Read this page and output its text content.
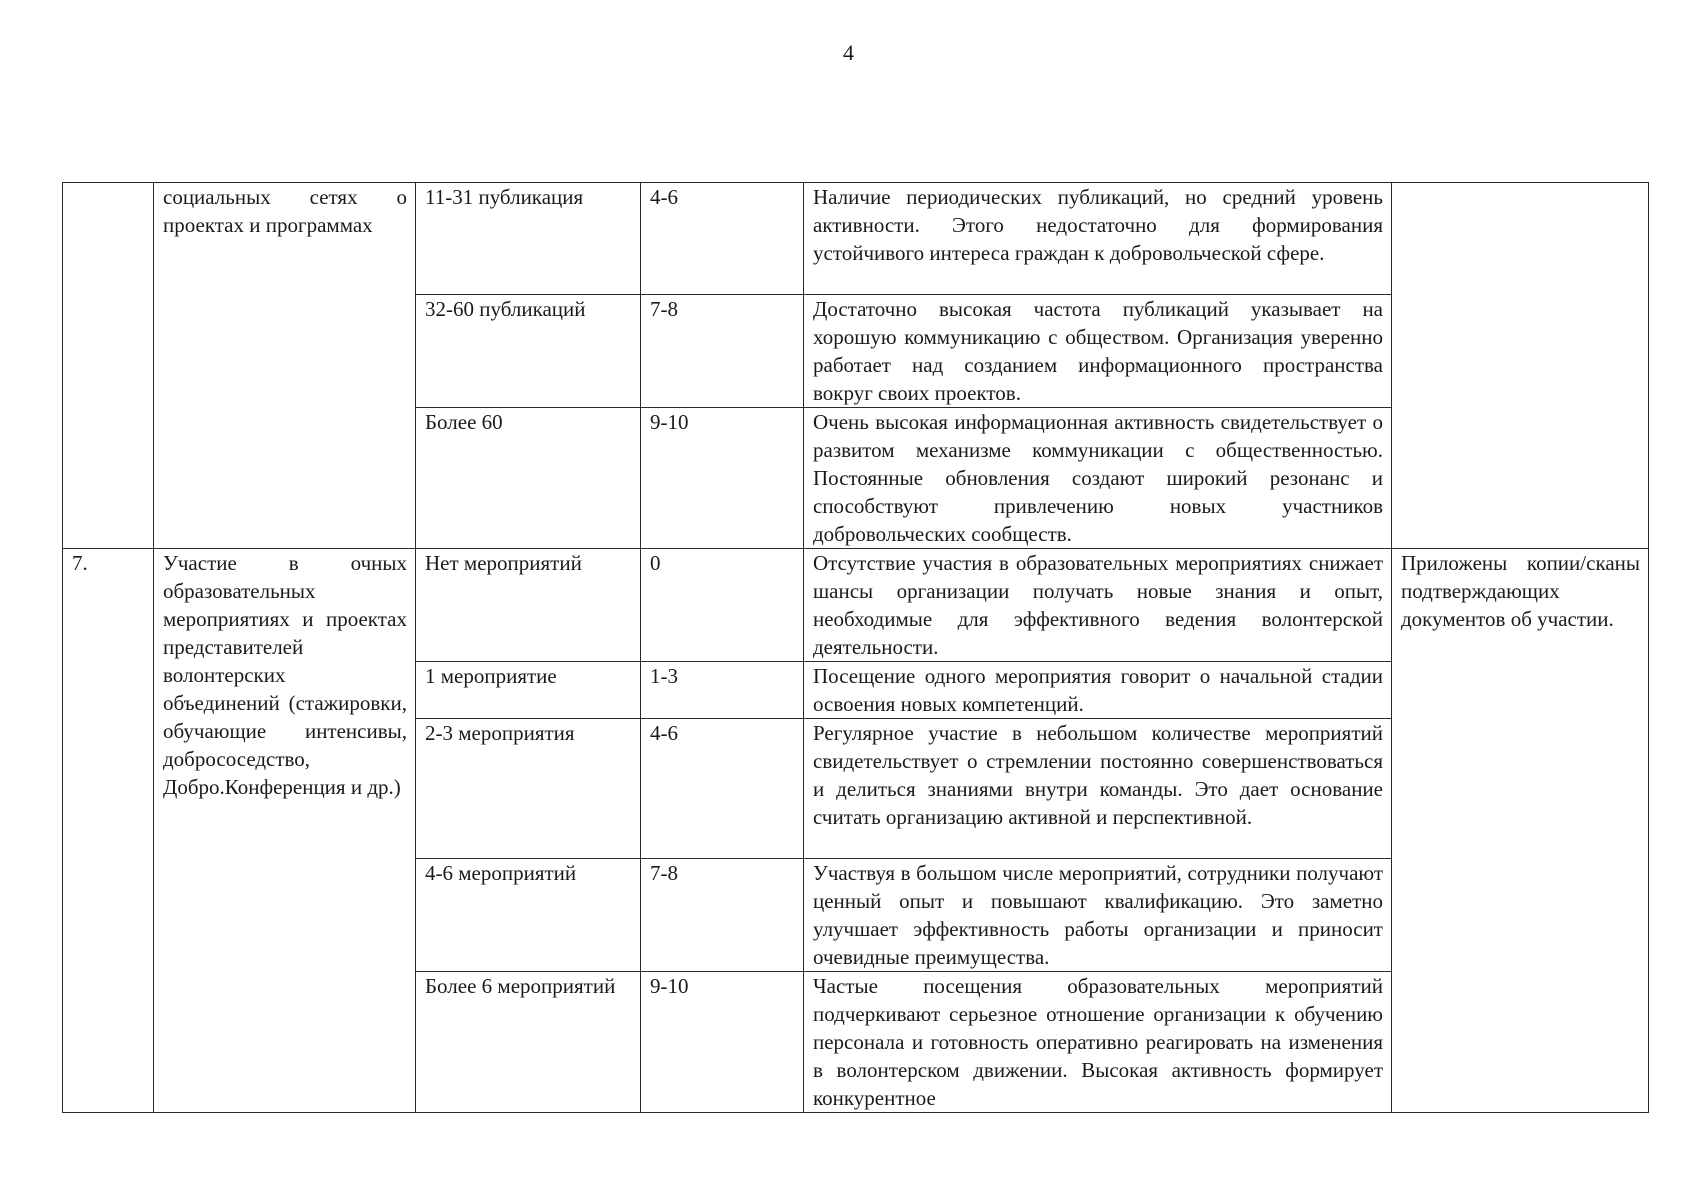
4

	социальных сетях о проектах и программах	11-31 публикация	4-6	Наличие периодических публикаций, но средний уровень активности. Этого недостаточно для формирования устойчивого интереса граждан к добровольческой сфере.	

		32-60 публикаций	7-8	Достаточно высокая частота публикаций указывает на хорошую коммуникацию с обществом. Организация уверенно работает над созданием информационного пространства вокруг своих проектов.	

		Более 60	9-10	Очень высокая информационная активность свидетельствует о развитом механизме коммуникации с общественностью. Постоянные обновления создают широкий резонанс и способствуют привлечению новых участников добровольческих сообществ.	

7.	Участие в очных образовательных мероприятиях и проектах представителей волонтерских объединений (стажировки, обучающие интенсивы, добрососедство, Добро.Конференция и др.)	Нет мероприятий	0	Отсутствие участия в образовательных мероприятиях снижает шансы организации получать новые знания и опыт, необходимые для эффективного ведения волонтерской деятельности.	Приложены копии/сканы подтверждающих документов об участии.

		1 мероприятие	1-3	Посещение одного мероприятия говорит о начальной стадии освоения новых компетенций.	

		2-3 мероприятия	4-6	Регулярное участие в небольшом количестве мероприятий свидетельствует о стремлении постоянно совершенствоваться и делиться знаниями внутри команды. Это дает основание считать организацию активной и перспективной.	

		4-6 мероприятий	7-8	Участвуя в большом числе мероприятий, сотрудники получают ценный опыт и повышают квалификацию. Это заметно улучшает эффективность работы организации и приносит очевидные преимущества.	

		Более 6 мероприятий	9-10	Частые посещения образовательных мероприятий подчеркивают серьезное отношение организации к обучению персонала и готовность оперативно реагировать на изменения в волонтерском движении. Высокая активность формирует конкурентное	
